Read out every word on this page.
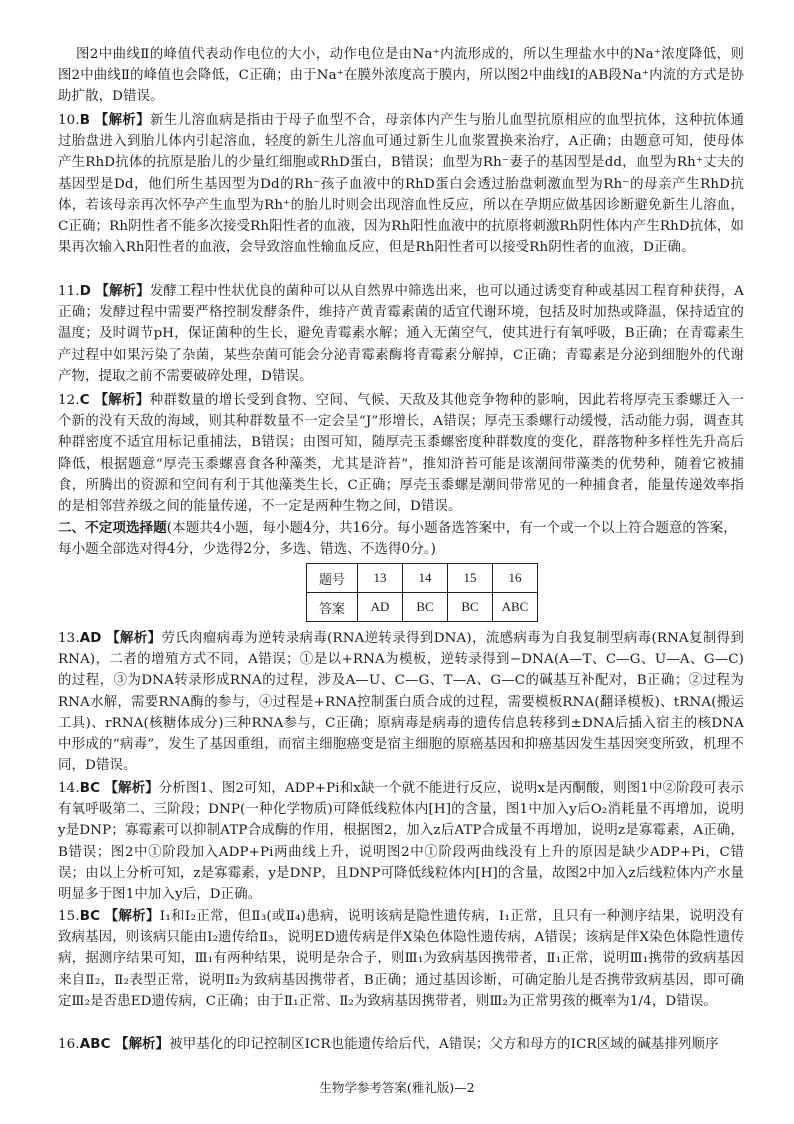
图2中曲线Ⅱ的峰值代表动作电位的大小，动作电位是由Na⁺内流形成的，所以生理盐水中的Na⁺浓度降低，则图2中曲线Ⅱ的峰值也会降低，C正确；由于Na⁺在膜外浓度高于膜内，所以图2中曲线Ⅰ的AB段Na⁺内流的方式是协助扩散，D错误。
10.B 【解析】新生儿溶血病是指由于母子血型不合，母亲体内产生与胎儿血型抗原相应的血型抗体，这种抗体通过胎盘进入到胎儿体内引起溶血，轻度的新生儿溶血可通过新生儿血浆置换来治疗，A正确；由题意可知，使母体产生RhD抗体的抗原是胎儿的少量红细胞或RhD蛋白，B错误；血型为Rh⁻妻子的基因型是dd，血型为Rh⁺丈夫的基因型是Dd，他们所生基因型为Dd的Rh⁻孩子血液中的RhD蛋白会透过胎盘刺激血型为Rh⁻的母亲产生RhD抗体，若该母亲再次怀孕产生血型为Rh⁺的胎儿时则会出现溶血性反应，所以在孕期应做基因诊断避免新生儿溶血，C正确；Rh阴性者不能多次接受Rh阳性者的血液，因为Rh阳性血液中的抗原将刺激Rh阴性体内产生RhD抗体，如果再次输入Rh阳性者的血液，会导致溶血性输血反应，但是Rh阳性者可以接受Rh阴性者的血液，D正确。
11.D 【解析】发酵工程中性状优良的菌种可以从自然界中筛选出来，也可以通过诱变育种或基因工程育种获得，A正确；发酵过程中需要严格控制发酵条件，维持产黄青霉素菌的适宜代谢环境，包括及时加热或降温，保持适宜的温度；及时调节pH，保证菌种的生长，避免青霉素水解；通入无菌空气，使其进行有氧呼吸，B正确；在青霉素生产过程中如果污染了杂菌，某些杂菌可能会分泌青霉素酶将青霉素分解掉，C正确；青霉素是分泌到细胞外的代谢产物，提取之前不需要破碎处理，D错误。
12.C 【解析】种群数量的增长受到食物、空间、气候、天敌及其他竞争物种的影响，因此若将厚壳玉黍螺迁入一个新的没有天敌的海域，则其种群数量不一定会呈“J”形增长，A错误；厚壳玉黍螺行动缓慢，活动能力弱，调查其种群密度不适宜用标记重捕法，B错误；由图可知，随厚壳玉黍螺密度种群数度的变化，群落物种多样性先升高后降低，根据题意“厚壳玉黍螺喜食各种藻类，尤其是浒苔”，推知浒苔可能是该潮间带藻类的优势种，随着它被捕食，所腾出的资源和空间有利于其他藻类生长，C正确；厚壳玉黍螺是潮间带常见的一种捕食者，能量传递效率指的是相邻营养级之间的能量传递，不一定是两种生物之间，D错误。
二、不定项选择题(本题共4小题，每小题4分，共16分。每小题备选答案中，有一个或一个以上符合题意的答案，每小题全部选对得4分，少选得2分，多选、错选、不选得0分。)
题号	13	14	15	16
答案	AD	BC	BC	ABC
13.AD 【解析】劳氏肉瘤病毒为逆转录病毒(RNA逆转录得到DNA)，流感病毒为自我复制型病毒(RNA复制得到RNA)，二者的增殖方式不同，A错误；①是以+RNA为模板，逆转录得到−DNA(A—T、C—G、U—A、G—C)的过程，③为DNA转录形成RNA的过程，涉及A—U、C—G、T—A、G—C的碱基互补配对，B正确；②过程为RNA水解，需要RNA酶的参与，④过程是+RNA控制蛋白质合成的过程，需要模板RNA(翻译模板)、tRNA(搬运工具)、rRNA(核糖体成分)三种RNA参与，C正确；原病毒是病毒的遗传信息转移到±DNA后插入宿主的核DNA中形成的“病毒”，发生了基因重组，而宿主细胞癌变是宿主细胞的原癌基因和抑癌基因发生基因突变所致，机理不同，D错误。
14.BC 【解析】分析图1、图2可知，ADP+Pi和x缺一个就不能进行反应，说明x是丙酮酸，则图1中②阶段可表示有氧呼吸第二、三阶段；DNP(一种化学物质)可降低线粒体内[H]的含量，图1中加入y后O₂消耗量不再增加，说明y是DNP；寡霉素可以抑制ATP合成酶的作用，根据图2，加入z后ATP合成量不再增加，说明z是寡霉素，A正确，B错误；图2中①阶段加入ADP+Pi两曲线上升，说明图2中①阶段两曲线没有上升的原因是缺少ADP+Pi，C错误；由以上分析可知，z是寡霉素，y是DNP，且DNP可降低线粒体内[H]的含量，故图2中加入z后线粒体内产水量明显多于图1中加入y后，D正确。
15.BC 【解析】Ⅰ₁和Ⅰ₂正常，但Ⅱ₃(或Ⅱ₄)患病，说明该病是隐性遗传病，Ⅰ₁正常，且只有一种测序结果，说明没有致病基因，则该病只能由Ⅰ₂遗传给Ⅱ₃，说明ED遗传病是伴X染色体隐性遗传病，A错误；该病是伴X染色体隐性遗传病，据测序结果可知，Ⅲ₁有两种结果，说明是杂合子，则Ⅲ₁为致病基因携带者，Ⅱ₁正常，说明Ⅲ₁携带的致病基因来自Ⅱ₂，Ⅱ₂表型正常，说明Ⅱ₂为致病基因携带者，B正确；通过基因诊断，可确定胎儿是否携带致病基因，即可确定Ⅲ₂是否患ED遗传病，C正确；由于Ⅱ₁正常、Ⅱ₂为致病基因携带者，则Ⅲ₂为正常男孩的概率为1/4，D错误。
16.ABC 【解析】被甲基化的印记控制区ICR也能遗传给后代，A错误；父方和母方的ICR区域的碱基排列顺序
生物学参考答案(雅礼版)—2
